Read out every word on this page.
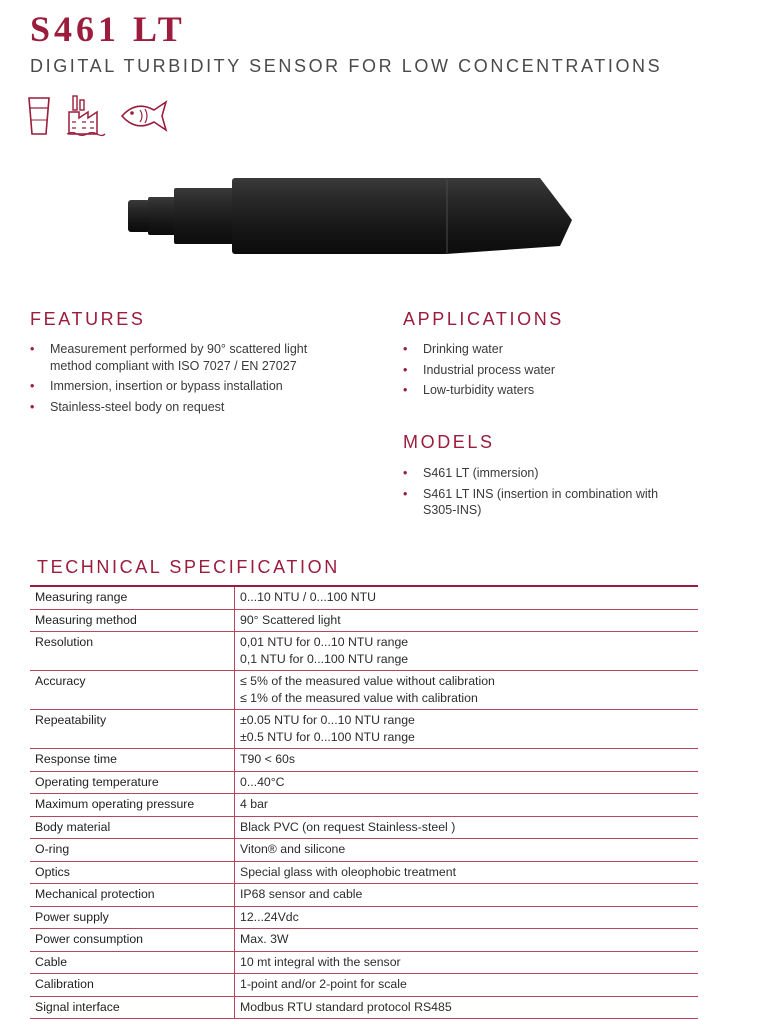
S461 LT
DIGITAL TURBIDITY SENSOR FOR LOW CONCENTRATIONS
FEATURES
• Measurement performed by 90° scattered light method compliant with ISO 7027 / EN 27027
• Immersion, insertion or bypass installation
• Stainless-steel body on request
APPLICATIONS
• Drinking water
• Industrial process water
• Low-turbidity waters
MODELS
• S461 LT (immersion)
• S461 LT INS (insertion in combination with S305-INS)
TECHNICAL SPECIFICATION
Measuring range	0...10 NTU / 0...100 NTU

Measuring method	90° Scattered light

Resolution	0,01 NTU for 0...10 NTU range
0,1 NTU for 0...100 NTU range

Accuracy	≤ 5% of the measured value without calibration
≤ 1% of the measured value with calibration

Repeatability	±0.05 NTU for 0...10 NTU range
±0.5 NTU for 0...100 NTU range

Response time	T90 < 60s

Operating temperature	0...40°C

Maximum operating pressure	4 bar

Body material	Black PVC (on request Stainless-steel )

O-ring	Viton® and silicone

Optics	Special glass with oleophobic treatment

Mechanical protection	IP68 sensor and cable

Power supply	12...24Vdc

Power consumption	Max. 3W

Cable	10 mt integral with the sensor

Calibration	1-point and/or 2-point for scale

Signal interface	Modbus RTU standard protocol RS485
